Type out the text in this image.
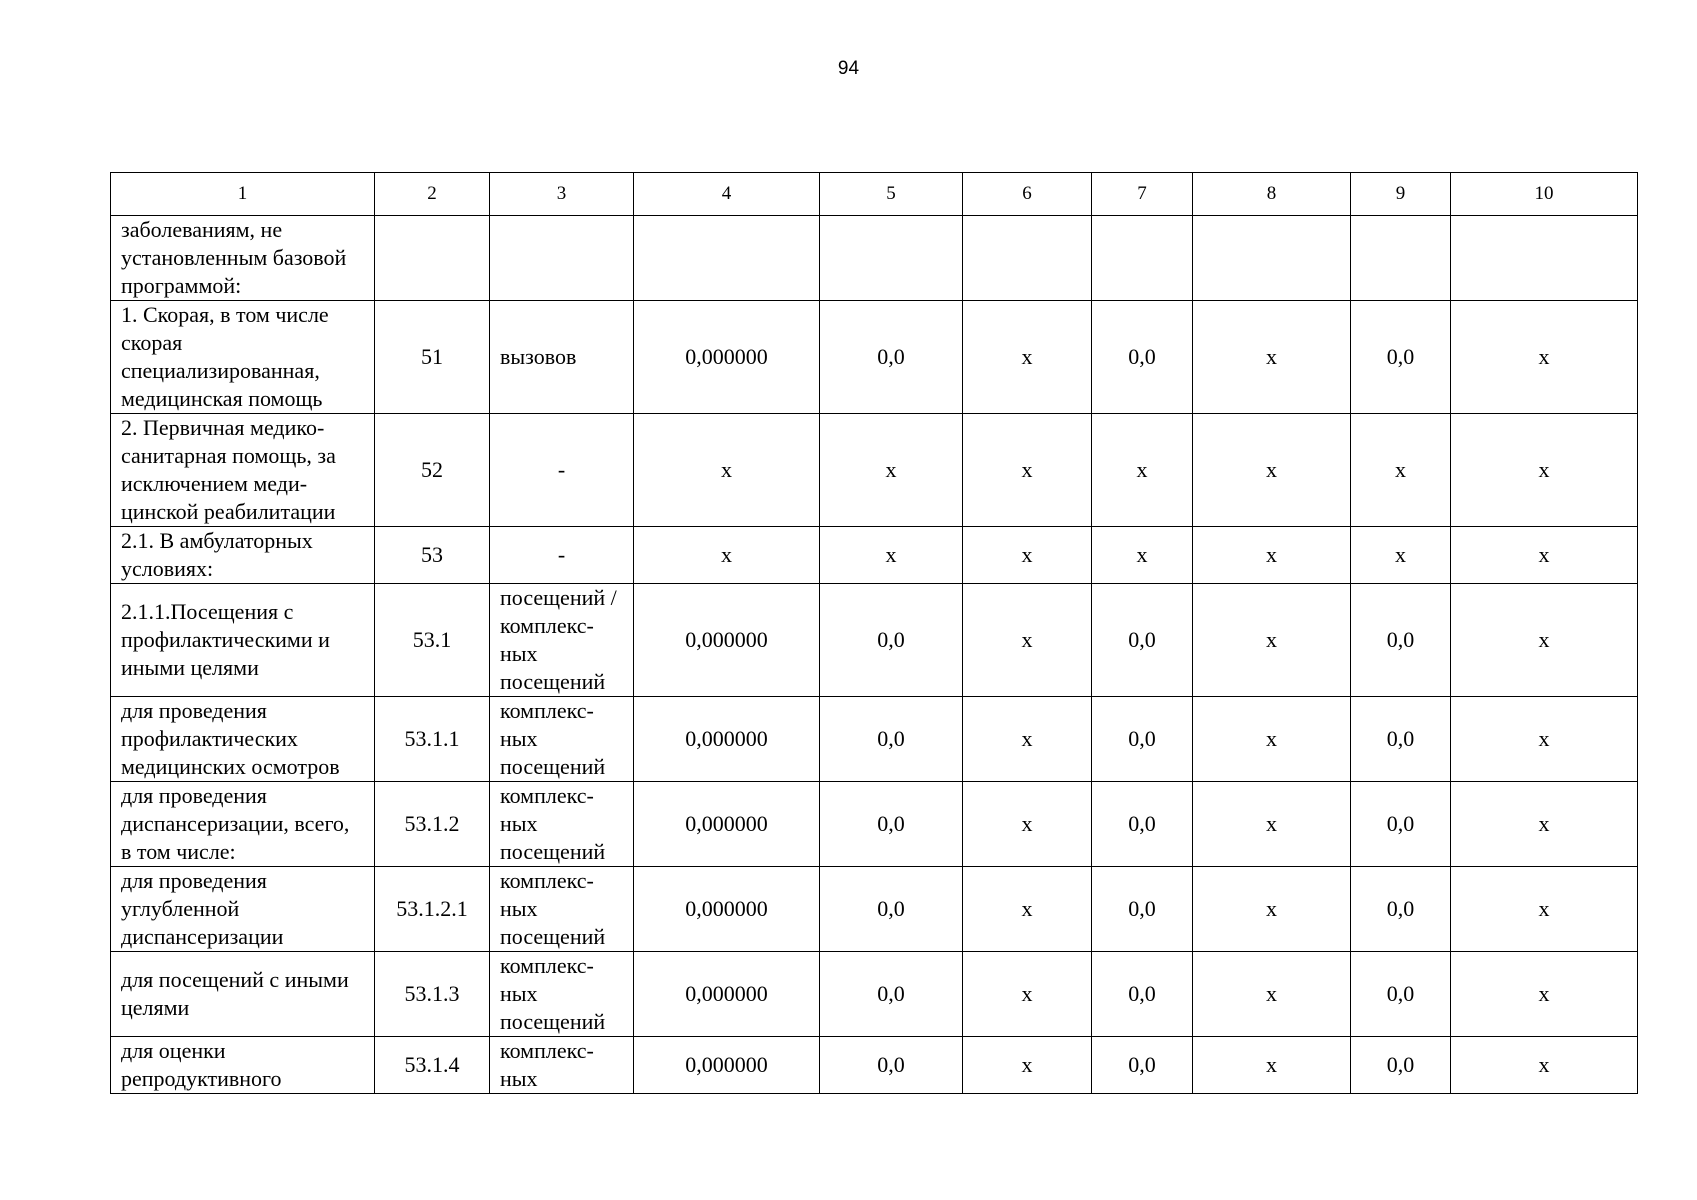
94
1	2	3	4	5	6	7	8	9	10
заболеваниям, не установленным базовой программой:									
1. Скорая, в том числе скорая специализированная, медицинская помощь	51	вызовов	0,000000	0,0	х	0,0	х	0,0	х
2. Первичная медико-санитарная помощь, за исключением меди-цинской реабилитации	52	-	х	х	х	х	х	х	х
2.1. В амбулаторных условиях:	53	-	х	х	х	х	х	х	х
2.1.1.Посещения с профилактическими и иными целями	53.1	посещений / комплекс-ных посещений	0,000000	0,0	х	0,0	х	0,0	х
для проведения профилактических медицинских осмотров	53.1.1	комплекс-ных посещений	0,000000	0,0	х	0,0	х	0,0	х
для проведения диспансеризации, всего, в том числе:	53.1.2	комплекс-ных посещений	0,000000	0,0	х	0,0	х	0,0	х
для проведения углубленной диспансеризации	53.1.2.1	комплекс-ных посещений	0,000000	0,0	х	0,0	х	0,0	х
для посещений с иными целями	53.1.3	комплекс-ных посещений	0,000000	0,0	х	0,0	х	0,0	х
для оценки репродуктивного	53.1.4	комплекс-ных	0,000000	0,0	х	0,0	х	0,0	х
